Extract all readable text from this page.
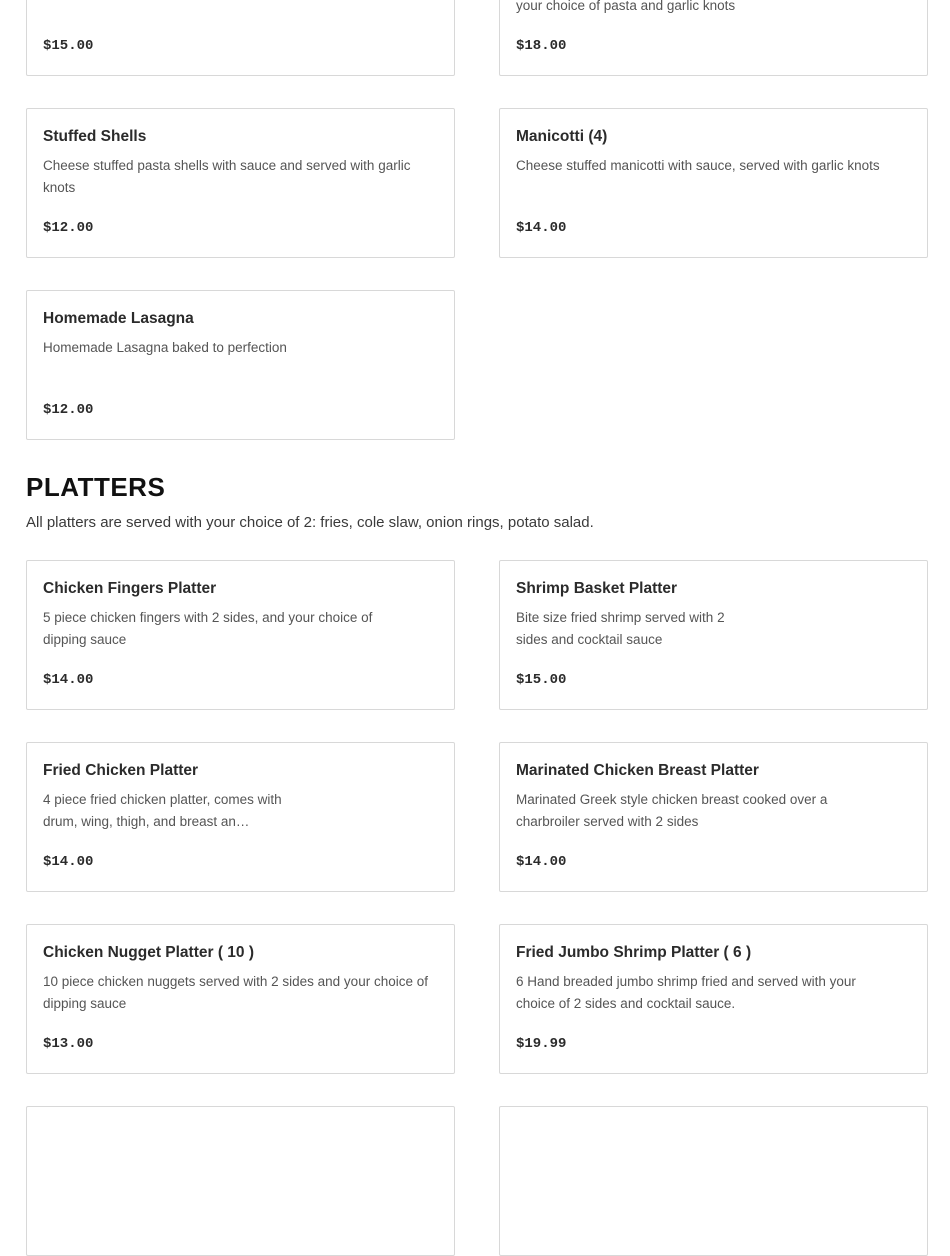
$15.00
your choice of pasta and garlic knots
$18.00
Stuffed Shells
Cheese stuffed pasta shells with sauce and served with garlic knots
$12.00
Manicotti (4)
Cheese stuffed manicotti with sauce, served with garlic knots
$14.00
Homemade Lasagna
Homemade Lasagna baked to perfection
$12.00
PLATTERS
All platters are served with your choice of 2: fries, cole slaw, onion rings, potato salad.
Chicken Fingers Platter
5 piece chicken fingers with 2 sides, and your choice of dipping sauce
$14.00
Shrimp Basket Platter
Bite size fried shrimp served with 2 sides and cocktail sauce
$15.00
Fried Chicken Platter
4 piece fried chicken platter, comes with drum, wing, thigh, and breast an…
$14.00
Marinated Chicken Breast Platter
Marinated Greek style chicken breast cooked over a charbroiler served with 2 sides
$14.00
Chicken Nugget Platter ( 10 )
10 piece chicken nuggets served with 2 sides and your choice of dipping sauce
$13.00
Fried Jumbo Shrimp Platter ( 6 )
6 Hand breaded jumbo shrimp fried and served with your choice of 2 sides and cocktail sauce.
$19.99
